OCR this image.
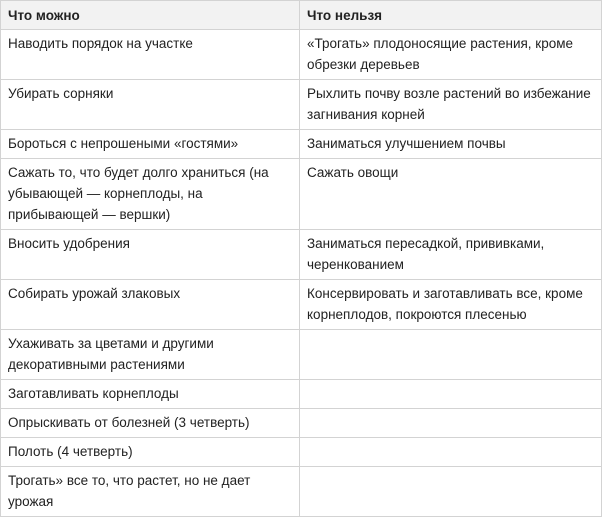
Что можно	Что нельзя
Наводить порядок на участке	«Трогать» плодоносящие растения, кроме обрезки деревьев
Убирать сорняки	Рыхлить почву возле растений во избежание загнивания корней
Бороться с непрошеными «гостями»	Заниматься улучшением почвы
Сажать то, что будет долго храниться (на убывающей — корнеплоды, на прибывающей — вершки)	Сажать овощи
Вносить удобрения	Заниматься пересадкой, прививками, черенкованием
Собирать урожай злаковых	Консервировать и заготавливать все, кроме корнеплодов, покроются плесенью
Ухаживать за цветами и другими декоративными растениями	
Заготавливать корнеплоды	
Опрыскивать от болезней (3 четверть)	
Полоть (4 четверть)	
Трогать» все то, что растет, но не дает урожая	
